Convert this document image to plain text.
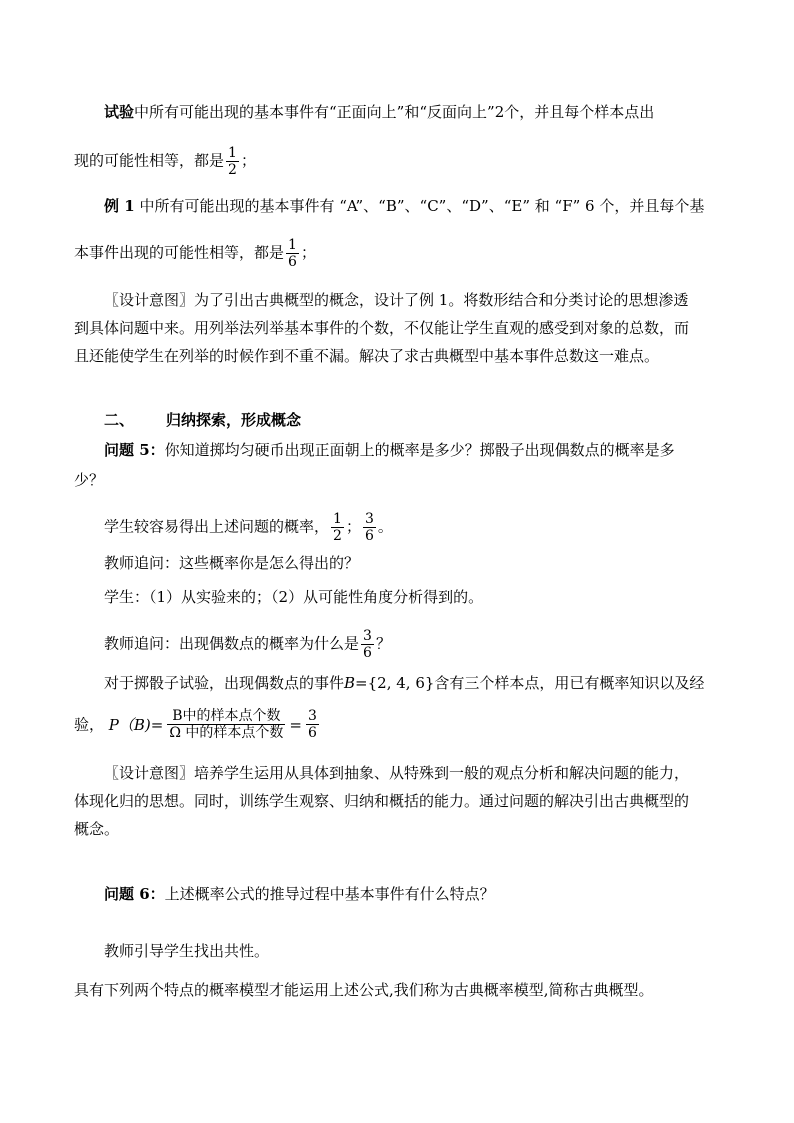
试验中所有可能出现的基本事件有“正面向上”和“反面向上”2个，并且每个样本点出
现的可能性相等，都是 $\frac{1}{2}$ ；
例 1 中所有可能出现的基本事件有 “A”、“B”、“C”、“D”、“E” 和 “F” 6 个，并且每个基
本事件出现的可能性相等，都是 $\frac{1}{6}$ ；
〖设计意图〗为了引出古典概型的概念，设计了例 1。将数形结合和分类讨论的思想渗透
到具体问题中来。用列举法列举基本事件的个数，不仅能让学生直观的感受到对象的总数，而
且还能使学生在列举的时候作到不重不漏。解决了求古典概型中基本事件总数这一难点。
二、 归纳探索，形成概念
问题 5：你知道掷均匀硬币出现正面朝上的概率是多少？掷骰子出现偶数点的概率是多
少？
学生较容易得出上述问题的概率， $\frac{1}{2}$ ； $\frac{3}{6}$ 。
教师追问：这些概率你是怎么得出的？
学生：（1）从实验来的；（2）从可能性角度分析得到的。
教师追问：出现偶数点的概率为什么是 $\frac{3}{6}$ ？
对于掷骰子试验，出现偶数点的事件B={2, 4, 6}含有三个样本点，用已有概率知识以及经
验， $P(B)= \frac{\text{B中的样本点个数}}{\text{Ω 中的样本点个数}} = \frac{3}{6}$
〖设计意图〗培养学生运用从具体到抽象、从特殊到一般的观点分析和解决问题的能力，
体现化归的思想。同时，训练学生观察、归纳和概括的能力。通过问题的解决引出古典概型的
概念。
问题 6：上述概率公式的推导过程中基本事件有什么特点？
教师引导学生找出共性。
具有下列两个特点的概率模型才能运用上述公式,我们称为古典概率模型,简称古典概型。
